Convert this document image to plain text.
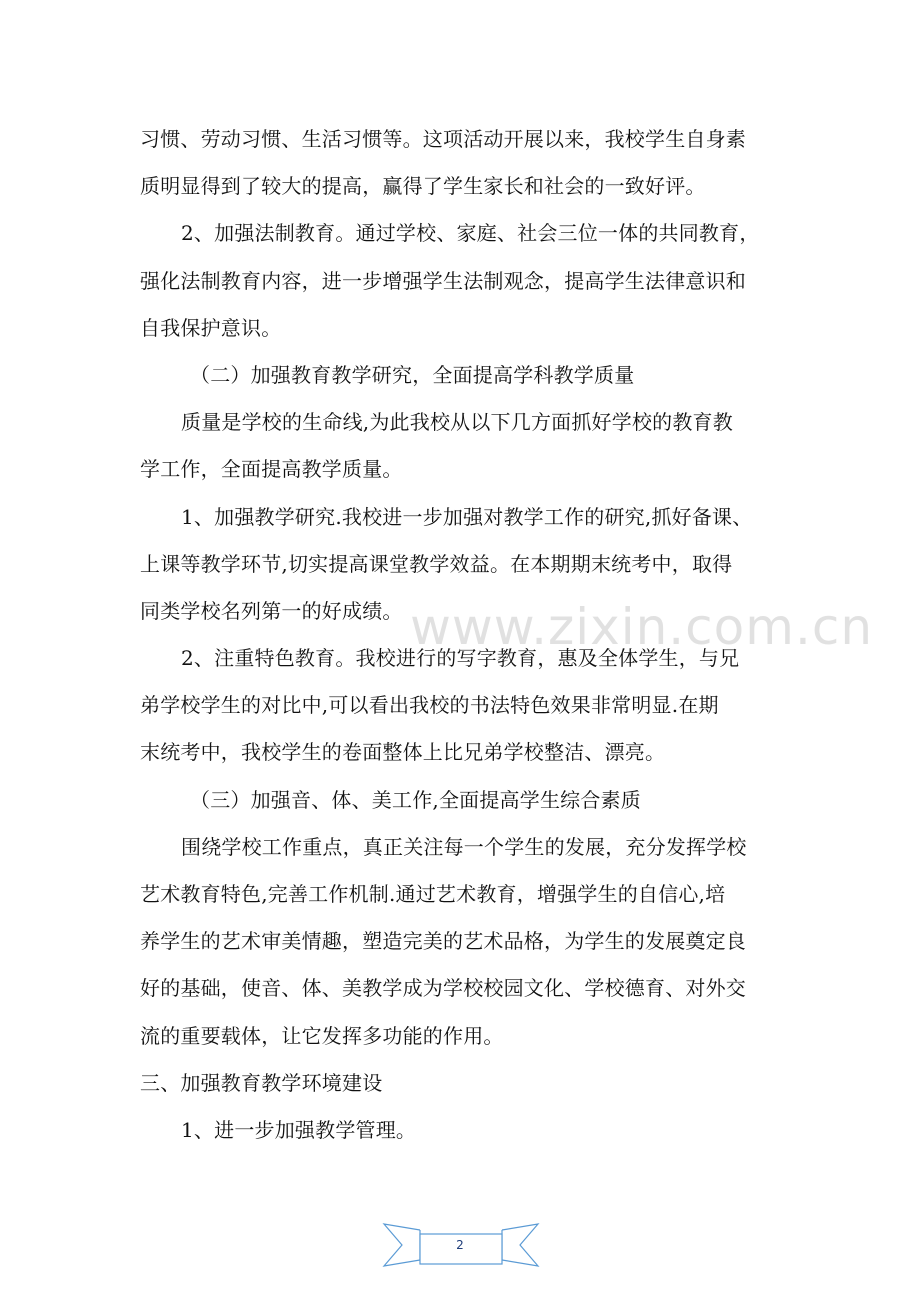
习惯、劳动习惯、生活习惯等。这项活动开展以来，我校学生自身素
质明显得到了较大的提高，赢得了学生家长和社会的一致好评。
2、加强法制教育。通过学校、家庭、社会三位一体的共同教育，
强化法制教育内容，进一步增强学生法制观念，提高学生法律意识和
自我保护意识。
（二）加强教育教学研究，全面提高学科教学质量
质量是学校的生命线,为此我校从以下几方面抓好学校的教育教
学工作，全面提高教学质量。
1、加强教学研究.我校进一步加强对教学工作的研究,抓好备课、
上课等教学环节,切实提高课堂教学效益。在本期期末统考中，取得
同类学校名列第一的好成绩。
2、注重特色教育。我校进行的写字教育，惠及全体学生，与兄
弟学校学生的对比中,可以看出我校的书法特色效果非常明显.在期
末统考中，我校学生的卷面整体上比兄弟学校整洁、漂亮。
（三）加强音、体、美工作,全面提高学生综合素质
围绕学校工作重点，真正关注每一个学生的发展，充分发挥学校
艺术教育特色,完善工作机制.通过艺术教育，增强学生的自信心,培
养学生的艺术审美情趣，塑造完美的艺术品格，为学生的发展奠定良
好的基础，使音、体、美教学成为学校校园文化、学校德育、对外交
流的重要载体，让它发挥多功能的作用。
三、加强教育教学环境建设
1、进一步加强教学管理。
www.zixin.com.cn
2
